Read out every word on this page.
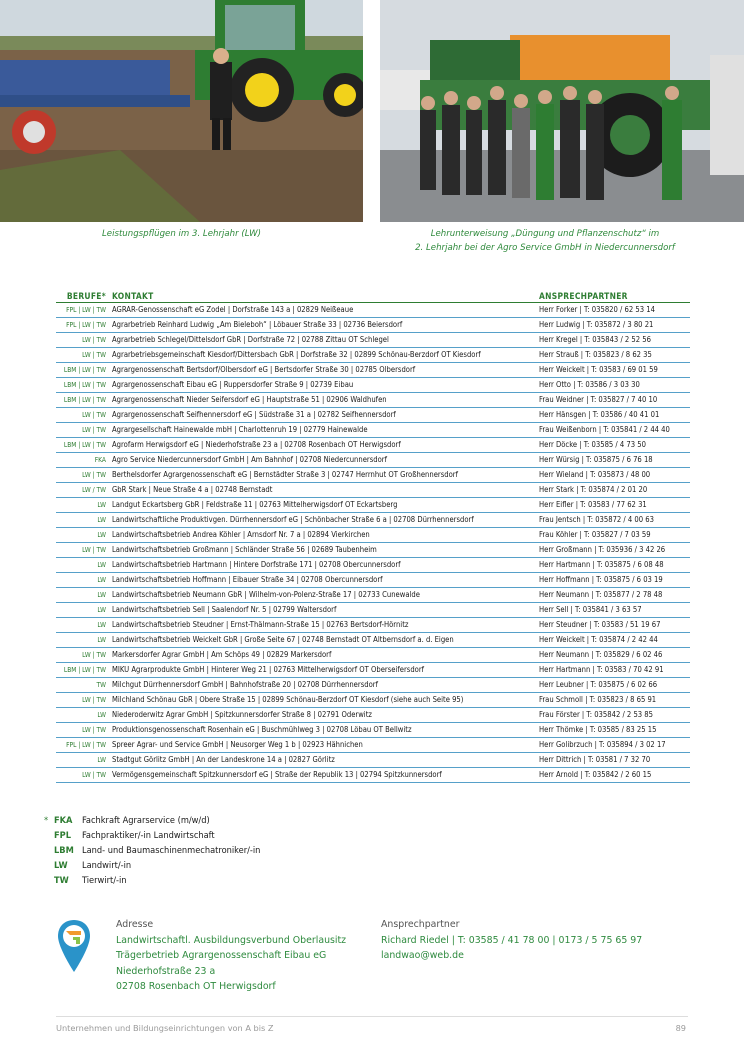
Leistungspflügen im 3. Lehrjahr (LW)	Lehrunterweisung „Düngung und Pflanzenschutz“ im
2. Lehrjahr bei der Agro Service GmbH in Niedercunnersdorf
BERUFE* KONTAKT	ANSPRECHPARTNER
FPL | LW | TW AGRAR-Genossenschaft eG Zodel | Dorfstraße 143 a | 02829 Neißeaue	Herr Forker | T: 035820 / 62 53 14
FPL | LW | TW Agrarbetrieb Reinhard Ludwig „Am Bieleboh“ | Löbauer Straße 33 | 02736 Beiersdorf	Herr Ludwig | T: 035872 / 3 80 21
LW | TW Agrarbetrieb Schlegel/Dittelsdorf GbR | Dorfstraße 72 | 02788 Zittau OT Schlegel	Herr Kregel | T: 035843 / 2 52 56
LW | TW Agrarbetriebsgemeinschaft Kiesdorf/Dittersbach GbR | Dorfstraße 32 | 02899 Schönau-Berzdorf OT Kiesdorf	Herr Strauß | T: 035823 / 8 62 35
LBM | LW | TW Agrargenossenschaft Bertsdorf/Olbersdorf eG | Bertsdorfer Straße 30 | 02785 Olbersdorf	Herr Weickelt | T: 03583 / 69 01 59
LBM | LW | TW Agrargenossenschaft Eibau eG | Ruppersdorfer Straße 9 | 02739 Eibau	Herr Otto | T: 03586 / 3 03 30
LBM | LW | TW Agrargenossenschaft Nieder Seifersdorf eG | Hauptstraße 51 | 02906 Waldhufen	Frau Weidner | T: 035827 / 7 40 10
LW | TW Agrargenossenschaft Seifhennersdorf eG | Südstraße 31 a | 02782 Seifhennersdorf	Herr Hänsgen | T: 03586 / 40 41 01
LW | TW Agrargesellschaft Hainewalde mbH | Charlottenruh 19 | 02779 Hainewalde	Frau Weißenborn | T: 035841 / 2 44 40
LBM | LW | TW Agrofarm Herwigsdorf eG | Niederhofstraße 23 a | 02708 Rosenbach OT Herwigsdorf	Herr Döcke | T: 03585 / 4 73 50
FKA Agro Service Niedercunnersdorf GmbH | Am Bahnhof | 02708 Niedercunnersdorf	Herr Würsig | T: 035875 / 6 76 18
LW | TW Berthelsdorfer Agrargenossenschaft eG | Bernstädter Straße 3 | 02747 Herrnhut OT Großhennersdorf	Herr Wieland | T: 035873 / 48 00
LW / TW GbR Stark | Neue Straße 4 a | 02748 Bernstadt	Herr Stark | T: 035874 / 2 01 20
LW Landgut Eckartsberg GbR | Feldstraße 11 | 02763 Mittelherwigsdorf OT Eckartsberg	Herr Eifler | T: 03583 / 77 62 31
LW Landwirtschaftliche Produktivgen. Dürrhennersdorf eG | Schönbacher Straße 6 a | 02708 Dürrhennersdorf	Frau Jentsch | T: 035872 / 4 00 63
LW Landwirtschaftsbetrieb Andrea Köhler | Arnsdorf Nr. 7 a | 02894 Vierkirchen	Frau Köhler | T: 035827 / 7 03 59
LW | TW Landwirtschaftsbetrieb Großmann | Schländer Straße 56 | 02689 Taubenheim	Herr Großmann | T: 035936 / 3 42 26
LW Landwirtschaftsbetrieb Hartmann | Hintere Dorfstraße 171 | 02708 Obercunnersdorf	Herr Hartmann | T: 035875 / 6 08 48
LW Landwirtschaftsbetrieb Hoffmann | Eibauer Straße 34 | 02708 Obercunnersdorf	Herr Hoffmann | T: 035875 / 6 03 19
LW Landwirtschaftsbetrieb Neumann GbR | Wilhelm-von-Polenz-Straße 17 | 02733 Cunewalde	Herr Neumann | T: 035877 / 2 78 48
LW Landwirtschaftsbetrieb Sell | Saalendorf Nr. 5 | 02799 Waltersdorf	Herr Sell | T: 035841 / 3 63 57
LW Landwirtschaftsbetrieb Steudner | Ernst-Thälmann-Straße 15 | 02763 Bertsdorf-Hörnitz	Herr Steudner | T: 03583 / 51 19 67
LW Landwirtschaftsbetrieb Weickelt GbR | Große Seite 67 | 02748 Bernstadt OT Altbernsdorf a. d. Eigen	Herr Weickelt | T: 035874 / 2 42 44
LW | TW Markersdorfer Agrar GmbH | Am Schöps 49 | 02829 Markersdorf	Herr Neumann | T: 035829 / 6 02 46
LBM | LW | TW MIKU Agrarprodukte GmbH | Hinterer Weg 21 | 02763 Mittelherwigsdorf OT Oberseifersdorf	Herr Hartmann | T: 03583 / 70 42 91
TW Milchgut Dürrhennersdorf GmbH | Bahnhofstraße 20 | 02708 Dürrhennersdorf	Herr Leubner | T: 035875 / 6 02 66
LW | TW Milchland Schönau GbR | Obere Straße 15 | 02899 Schönau-Berzdorf OT Kiesdorf (siehe auch Seite 95)	Frau Schmoll | T: 035823 / 8 65 91
LW Niederoderwitz Agrar GmbH | Spitzkunnersdorfer Straße 8 | 02791 Oderwitz	Frau Förster | T: 035842 / 2 53 85
LW | TW Produktionsgenossenschaft Rosenhain eG | Buschmühlweg 3 | 02708 Löbau OT Bellwitz	Herr Thömke | T: 03585 / 83 25 15
FPL | LW | TW Spreer Agrar- und Service GmbH | Neusorger Weg 1 b | 02923 Hähnichen	Herr Golibrzuch | T: 035894 / 3 02 17
LW Stadtgut Görlitz GmbH | An der Landeskrone 14 a | 02827 Görlitz	Herr Dittrich | T: 03581 / 7 32 70
LW | TW Vermögensgemeinschaft Spitzkunnersdorf eG | Straße der Republik 13 | 02794 Spitzkunnersdorf	Herr Arnold | T: 035842 / 2 60 15
* FKA	Fachkraft Agrarservice (m/w/d)
FPL	Fachpraktiker/-in Landwirtschaft
LBM Land- und Baumaschinenmechatroniker/-in
LW	Landwirt/-in
TW	Tierwirt/-in
Adresse
Landwirtschaftl. Ausbildungsverbund Oberlausitz
Trägerbetrieb Agrargenossenschaft Eibau eG
Niederhofstraße 23 a
02708 Rosenbach OT Herwigsdorf
Ansprechpartner
Richard Riedel | T: 03585 / 41 78 00 | 0173 / 5 75 65 97
landwao@web.de
Unternehmen und Bildungseinrichtungen von A bis Z	89
